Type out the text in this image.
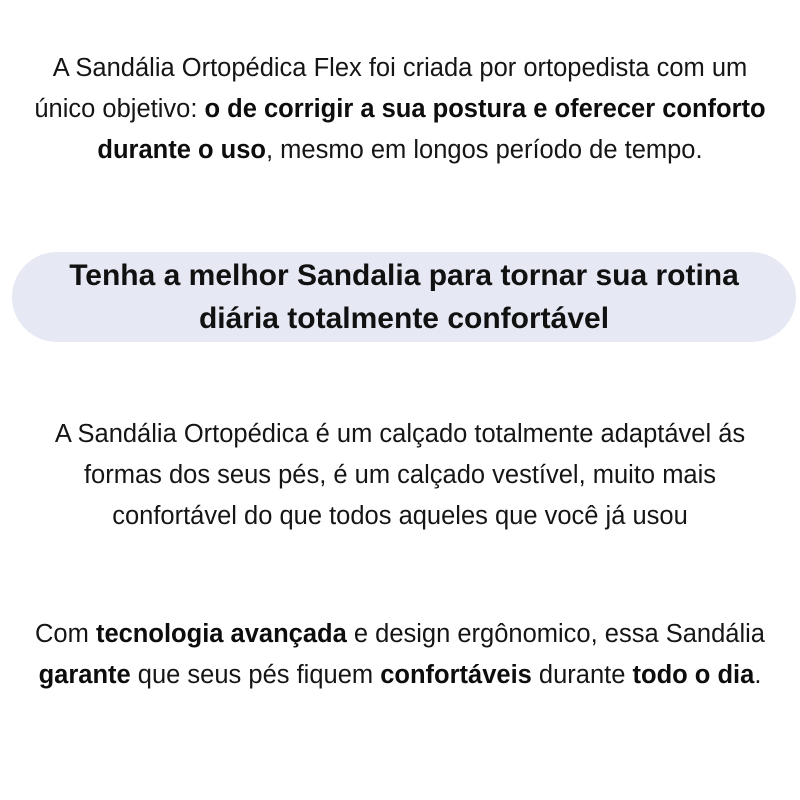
A Sandália Ortopédica Flex foi criada por ortopedista com um único objetivo: o de corrigir a sua postura e oferecer conforto durante o uso, mesmo em longos período de tempo.
Tenha a melhor Sandalia para tornar sua rotina
diária totalmente confortável
A Sandália Ortopédica é um calçado totalmente adaptável ás formas dos seus pés, é um calçado vestível, muito mais confortável do que todos aqueles que você já usou
Com tecnologia avançada e design ergônomico, essa Sandália garante que seus pés fiquem confortáveis durante todo o dia.
